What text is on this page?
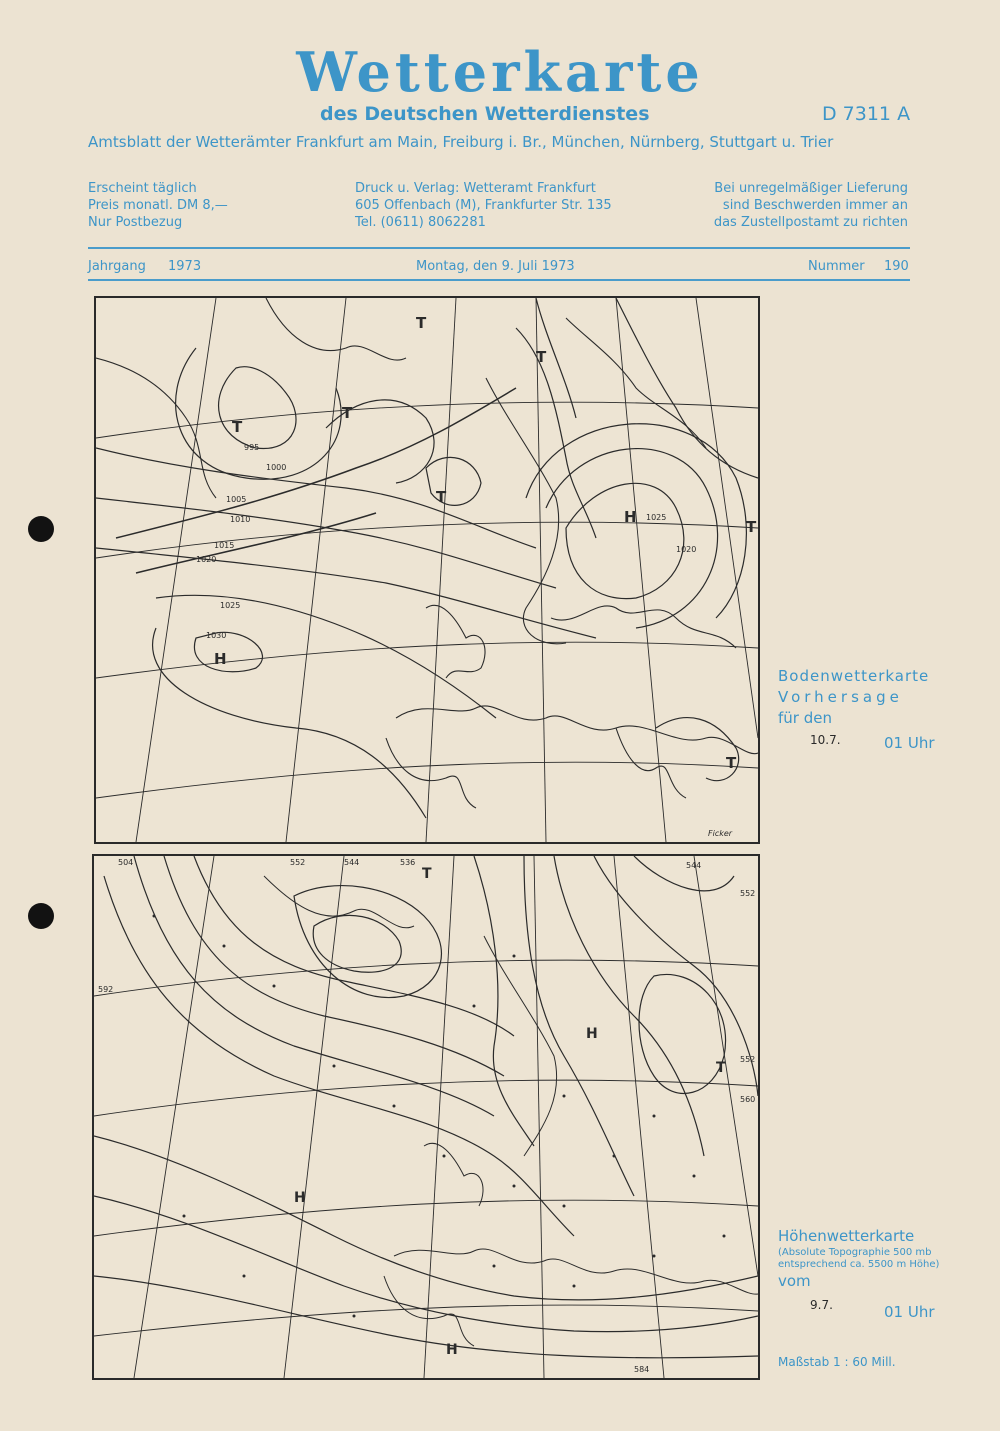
Wetterkarte
des Deutschen Wetterdienstes	D 7311 A
Amtsblatt der Wetterämter Frankfurt am Main, Freiburg i. Br., München, Nürnberg, Stuttgart u. Trier
Erscheint täglich
Preis monatl. DM 8,—
Nur Postbezug
Druck u. Verlag: Wetteramt Frankfurt
605 Offenbach (M), Frankfurter Str. 135
Tel. (0611) 8062281
Bei unregelmäßiger Lieferung
sind Beschwerden immer an
das Zustellpostamt zu richten
Jahrgang 1973	Montag, den 9. Juli 1973	Nummer 190
H
H
T
T
T
T
T
T
T
995
1000
1005
1010
1015
1020
1025
1030
1020
1025
Ficker
Bodenwetterkarte
Vorhersage
für den
10.7.	01 Uhr
H
H
H
T
T
504	544	536
552	544
552
552
560
592
584
Höhenwetterkarte
(Absolute Topographie 500 mb
entsprechend ca. 5500 m Höhe)
vom
9.7.	01 Uhr
Maßstab 1 : 60 Mill.
